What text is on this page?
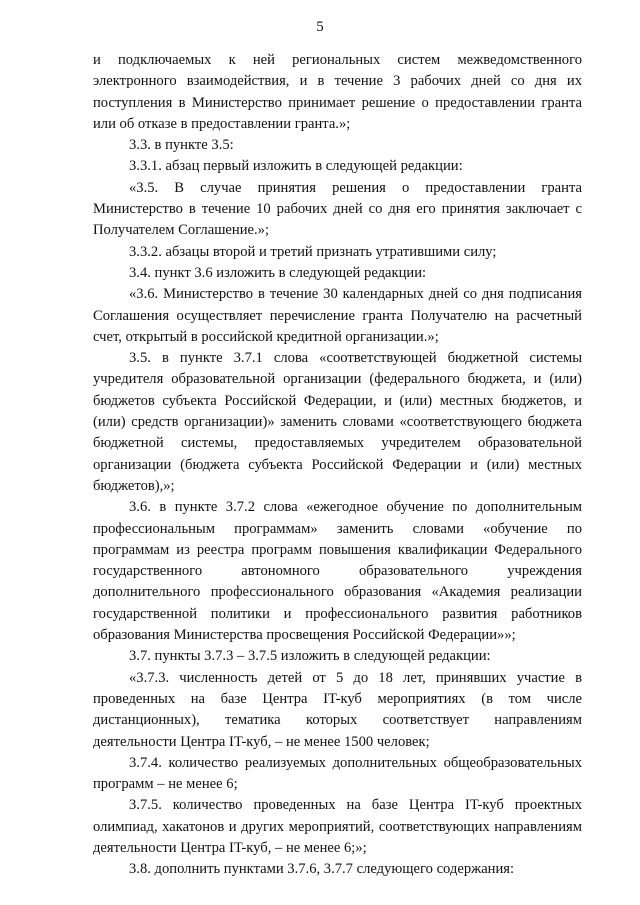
5

и подключаемых к ней региональных систем межведомственного электронного взаимодействия, и в течение 3 рабочих дней со дня их поступления в Министерство принимает решение о предоставлении гранта или об отказе в предоставлении гранта.»;

3.3. в пункте 3.5:

3.3.1. абзац первый изложить в следующей редакции:

«3.5. В случае принятия решения о предоставлении гранта Министерство в течение 10 рабочих дней со дня его принятия заключает с Получателем Соглашение.»;

3.3.2. абзацы второй и третий признать утратившими силу;

3.4. пункт 3.6 изложить в следующей редакции:

«3.6. Министерство в течение 30 календарных дней со дня подписания Соглашения осуществляет перечисление гранта Получателю на расчетный счет, открытый в российской кредитной организации.»;

3.5. в пункте 3.7.1 слова «соответствующей бюджетной системы учредителя образовательной организации (федерального бюджета, и (или) бюджетов субъекта Российской Федерации, и (или) местных бюджетов, и (или) средств организации)» заменить словами «соответствующего бюджета бюджетной системы, предоставляемых учредителем образовательной организации (бюджета субъекта Российской Федерации и (или) местных бюджетов),»;

3.6. в пункте 3.7.2 слова «ежегодное обучение по дополнительным профессиональным программам» заменить словами «обучение по программам из реестра программ повышения квалификации Федерального государственного автономного образовательного учреждения дополнительного профессионального образования «Академия реализации государственной политики и профессионального развития работников образования Министерства просвещения Российской Федерации»»;

3.7. пункты 3.7.3 – 3.7.5 изложить в следующей редакции:

«3.7.3. численность детей от 5 до 18 лет, принявших участие в проведенных на базе Центра IT-куб мероприятиях (в том числе дистанционных), тематика которых соответствует направлениям деятельности Центра IT-куб, – не менее 1500 человек;

3.7.4. количество реализуемых дополнительных общеобразовательных программ – не менее 6;

3.7.5. количество проведенных на базе Центра IT-куб проектных олимпиад, хакатонов и других мероприятий, соответствующих направлениям деятельности Центра IT-куб, – не менее 6;»;

3.8. дополнить пунктами 3.7.6, 3.7.7 следующего содержания:
